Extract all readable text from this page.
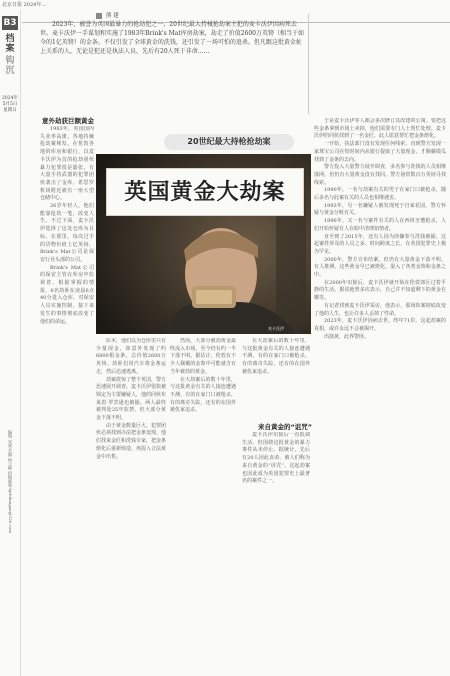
北京日报 2024年…
B3
档案
钩沉
2024年
5月5日
星期日
编辑 宋溪 美编 杨云峰 投稿邮箱:bjrbdangan@126.com
熊 建
2023年，被誉为英国最暴力的抢劫犯之一、20世纪最大持械抢劫案主犯的麦卡沃伊因病死去世。麦卡沃伊一手谋划和实施了1983年Brink's Mat库房劫案，劫走了价值2600万英镑（相当于如今的1亿英镑）的金条。不仅引发了全球黄金的洗钱，还引发了一场可怕的追杀。但凡跟这批黄金扯上关系的人，无论是犯还是执法人员，先后有20人死于非命……
意外劫获巨额黄金

1983年，英国国内失业率高涨，各地持械抢劫案频发。在伦敦各地的库房和银行，以麦卡沃伊为首的抢劫团伙暴力犯罪很是嚣张，有大量手持武器的犯罪团伙袭击了金库。希思罗机场附近就有一座大型仓储中心。

26岁年轻人，他们能靠抢劫一笔，改变人生。不过下面，麦卡沃伊选择了这处仓库为目标。在那里，每次过手的货物价值上亿英镑，Brink's Mat公司是保安行业头部的公司。

Brink's Mat公司的保安主管在库房中监视着，根据掌握的情报，6名劫匪在凌晨6点40分进入仓库，对保安人员实施控制，接下来发生的事情彻底改变了他们的命运。

20世纪最大持枪抢劫案
英国黄金大劫案
麦卡沃伊

原本，他们以为仓库里只有少量现金，却意外发现了约6800根金条，总价值2600万英镑。劫匪们用汽车将金条运走，然后迅速逃离。

劫案震惊了整个英国，警方迅速展开调查。麦卡沃伊很快被锁定为主要嫌疑人，他的同伙布莱恩·罗宾逊也被捕。两人最终被判处25年监禁，但大部分黄金下落不明。

由于黄金数量巨大，犯罪团伙必须找到办法把金条变现。他们找来金匠和洗钱专家，把金条熔化后重新铸造，再混入合法黄金中出售。

然而，大部分被劫黄金最终流入市场，至今仍有约一半下落不明。据估计，伦敦有不少人佩戴的金饰中可能就含有当年被劫的黄金。

在大劫案后的数十年里，与这批黄金有关的人接连遭遇不测，有的在家门口被枪杀，有的离奇失踪，还有的在国外被仇家追杀。

在大劫案后的数十年里，与这批黄金有关的人接连遭遇不测，有的在家门口被枪杀，有的离奇失踪，还有的在国外被仇家追杀。

来自黄金的“诅咒”

麦卡沃伊出狱后一直低调生活，但围绕这批黄金的暴力事件从未停止。据统计，先后有20人因此丧命，被人们称为来自黄金的“诅咒”。这起劫案也因此成为英国犯罪史上最著名的案件之一。

于是麦卡沃伊等人都会多次修订其改建的公寓。要把这些金条拿到市场上卖掉，他们需要专门人士帮忙处理。麦卡沃伊的同伙找到了一名金匠，此人愿意帮忙把金条熔化。

一开始，执法部门没有发现任何线索。直到警方发现一家珠宝公司在短时间内从银行提取了大量现金，才顺藤摸瓜找到了金条的去向。

警方投入大量警力展开调查，多名参与洗钱的人员相继落网，但仍有大量黄金没有找回。警方悬赏数百万英镑寻找线索。

1990年，一名与劫案有关的男子在家门口被枪杀，随后多名与此案有关的人员也相继遇害。

1993年，另一名嫌疑人被发现死于自家花园，警方怀疑与黄金分赃有关。

1996年，又一名与案件有关的人在西班牙遭枪杀，人们开始怀疑有人在暗中清理知情者。

直至到了2015年，还有人因为涉嫌参与洗钱被捕。这起案件涉及的人员之多、时间跨度之长，在英国犯罪史上极为罕见。

2000年，警方宣布结案，但仍有大量黄金下落不明。有人推测，这些黄金早已被熔化，混入了各类金饰和金条之中。

在2000年出狱后，麦卡沃伊就开始在伦敦郊区过着平静的生活。据说他曾多次表示，自己并不知道剩下的黄金在哪里。

有记者找到麦卡沃伊采访，他表示，那场劫案彻底改变了他的人生，也让许多人丢掉了性命。

2023年，麦卡沃伊因病去世，终年71岁。这起劫案的真相，或许永远不会被揭开。

出演黄，此界警匪。
